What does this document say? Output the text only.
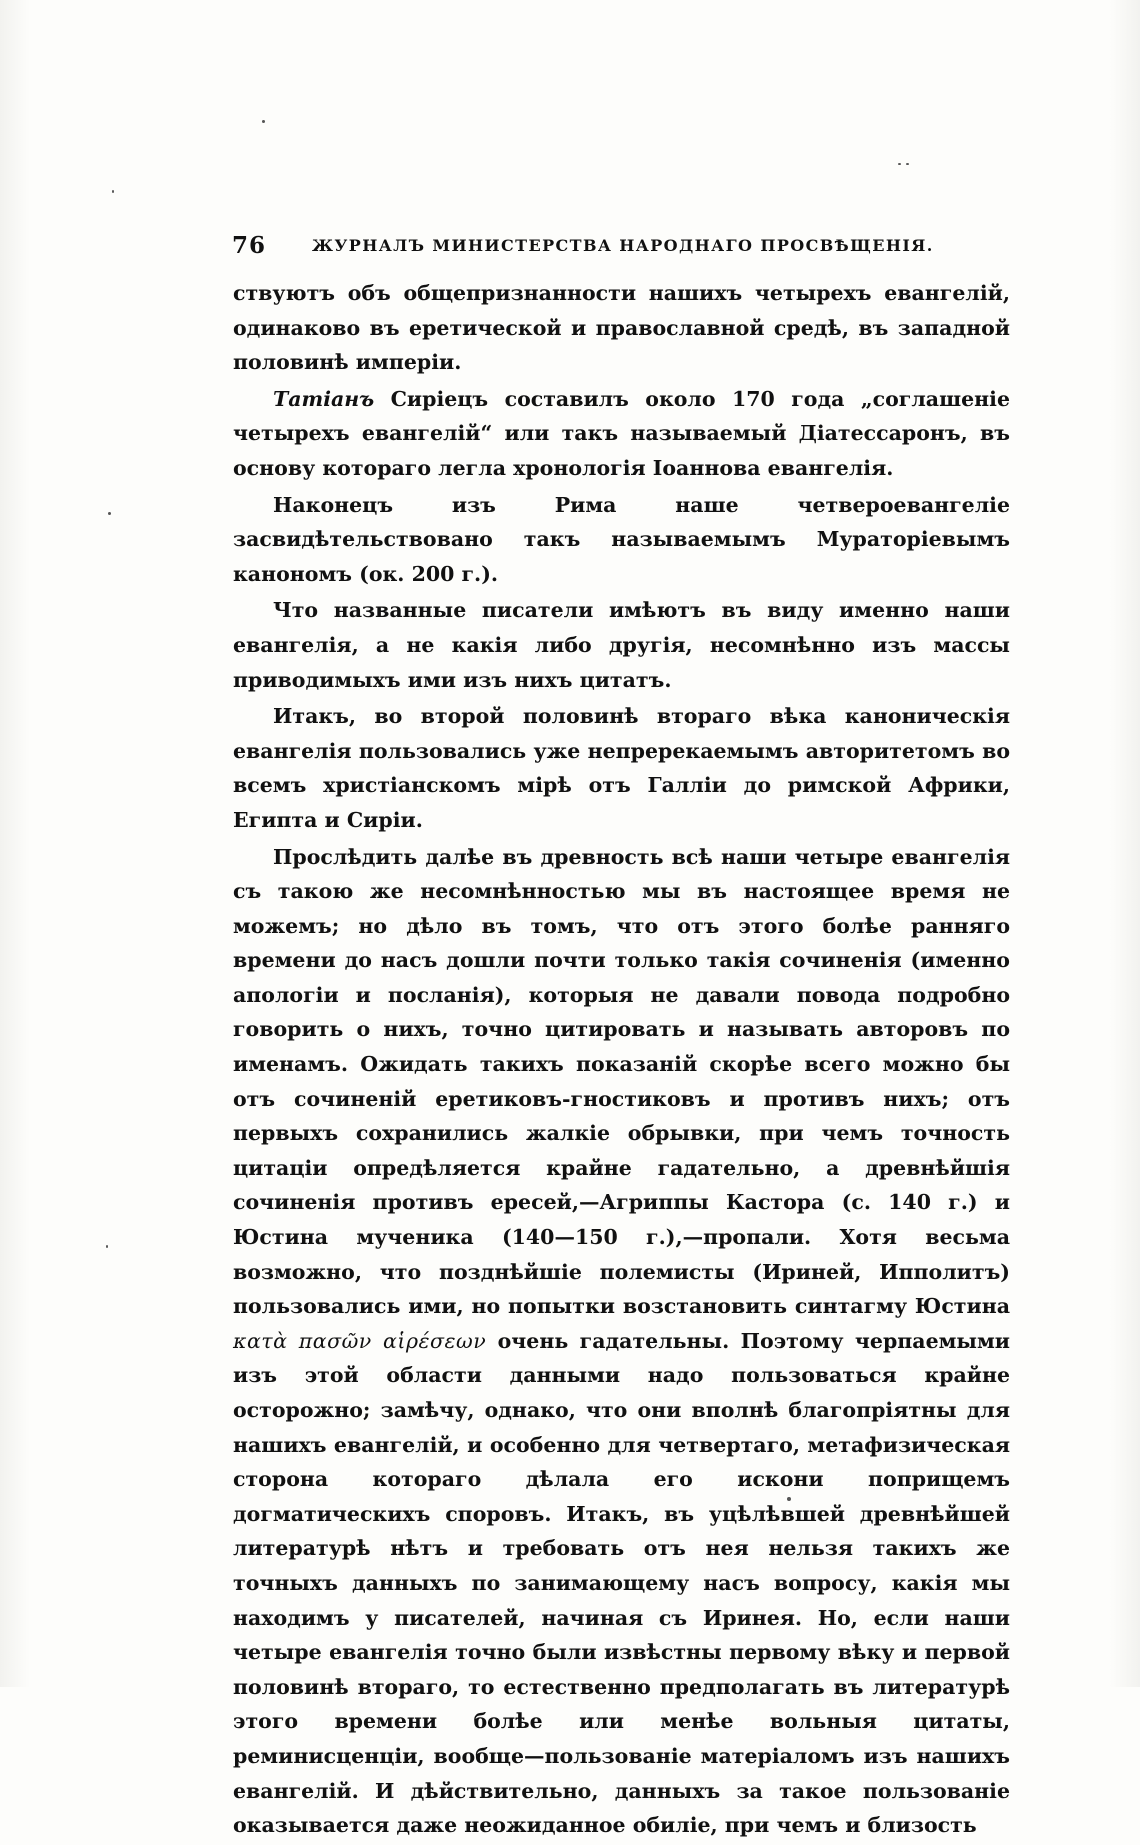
76	ЖУРНАЛЪ МИНИСТЕРСТВА НАРОДНАГО ПРОСВѢЩЕНІЯ.

ствуютъ объ общепризнанности нашихъ четырехъ евангелій, одинаково въ еретической и православной средѣ, въ западной половинѣ имперіи.

Татіанъ Сиріецъ составилъ около 170 года „соглашеніе четырехъ евангелій“ или такъ называемый Діатессаронъ, въ основу котораго легла хронологія Іоаннова евангелія.

Наконецъ изъ Рима наше четвероевангеліе засвидѣтельствовано такъ называемымъ Мураторіевымъ канономъ (ок. 200 г.).

Что названные писатели имѣютъ въ виду именно наши евангелія, а не какія либо другія, несомнѣнно изъ массы приводимыхъ ими изъ нихъ цитатъ.

Итакъ, во второй половинѣ втораго вѣка каноническія евангелія пользовались уже непререкаемымъ авторитетомъ во всемъ христіанскомъ мірѣ отъ Галліи до римской Африки, Египта и Сиріи.

Прослѣдить далѣе въ древность всѣ наши четыре евангелія съ такою же несомнѣнностью мы въ настоящее время не можемъ; но дѣло въ томъ, что отъ этого болѣе ранняго времени до насъ дошли почти только такія сочиненія (именно апологіи и посланія), которыя не давали повода подробно говорить о нихъ, точно цитировать и называть авторовъ по именамъ. Ожидать такихъ показаній скорѣе всего можно бы отъ сочиненій еретиковъ-гностиковъ и противъ нихъ; отъ первыхъ сохранились жалкіе обрывки, при чемъ точность цитаціи опредѣляется крайне гадательно, а древнѣйшія сочиненія противъ ересей,—Агриппы Кастора (с. 140 г.) и Юстина мученика (140—150 г.),—пропали. Хотя весьма возможно, что позднѣйшіе полемисты (Ириней, Ипполитъ) пользовались ими, но попытки возстановить синтагму Юстина κατὰ πασῶν αἱρέσεων очень гадательны. Поэтому черпаемыми изъ этой области данными надо пользоваться крайне осторожно; замѣчу, однако, что они вполнѣ благопріятны для нашихъ евангелій, и особенно для четвертаго, метафизическая сторона котораго дѣлала его искони поприщемъ догматическихъ споровъ. Итакъ, въ уцѣлѣвшей древнѣйшей литературѣ нѣтъ и требовать отъ нея нельзя такихъ же точныхъ данныхъ по занимающему насъ вопросу, какія мы находимъ у писателей, начиная съ Иринея. Но, если наши четыре евангелія точно были извѣстны первому вѣку и первой половинѣ втораго, то естественно предполагать въ литературѣ этого времени болѣе или менѣе вольныя цитаты, реминисценціи, вообще—пользованіе матеріаломъ изъ нашихъ евангелій. И дѣйствительно, данныхъ за такое пользованіе оказывается даже неожиданное обиліе, при чемъ и близость
